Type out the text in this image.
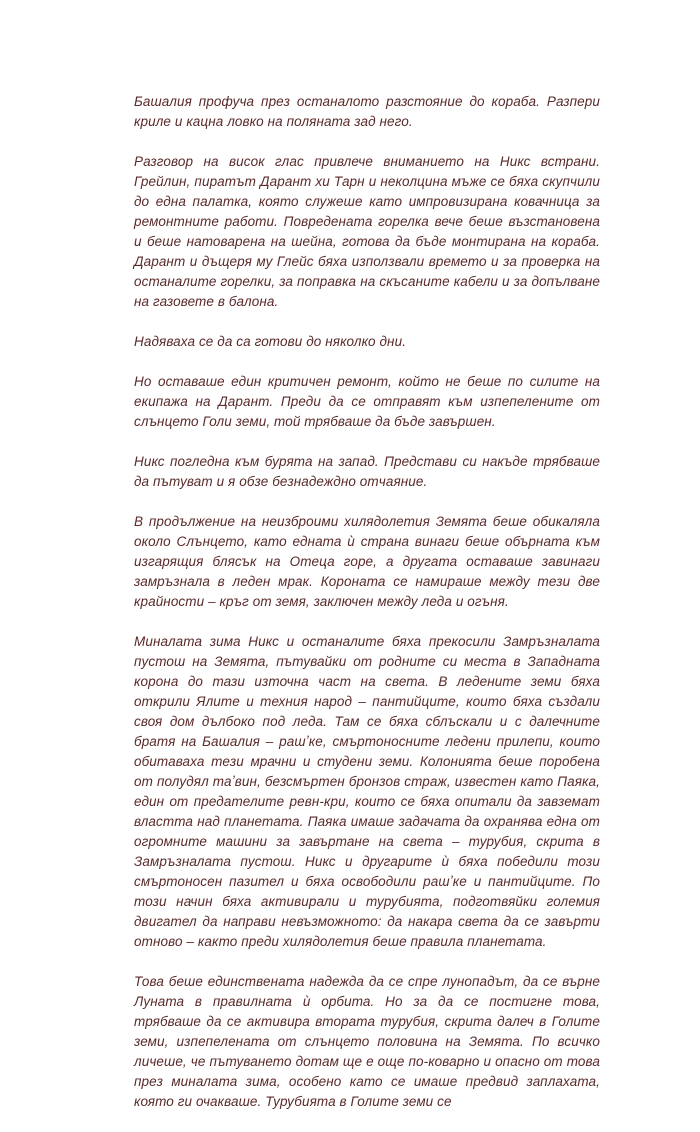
Башалия профуча през останалото разстояние до кораба. Разпери криле и кацна ловко на поляната зад него.

Разговор на висок глас привлече вниманието на Никс встрани. Грейлин, пиратът Дарант хи Тарн и неколцина мъже се бяха скупчили до една палатка, която служеше като импровизирана ковачница за ремонтните работи. Повредената горелка вече беше възстановена и беше натоварена на шейна, готова да бъде монтирана на кораба. Дарант и дъщеря му Глейс бяха използвали времето и за проверка на останалите горелки, за поправка на скъсаните кабели и за допълване на газовете в балона.

Надяваха се да са готови до няколко дни.

Но оставаше един критичен ремонт, който не беше по силите на екипажа на Дарант. Преди да се отправят към изпепелените от слънцето Голи земи, той трябваше да бъде завършен.

Никс погледна към бурята на запад. Представи си накъде трябваше да пътуват и я обзе безнадеждно отчаяние.

В продължение на неизброими хилядолетия Земята беше обикаляла около Слънцето, като едната ѝ страна винаги беше обърната към изгарящия блясък на Отеца горе, а другата оставаше завинаги замръзнала в леден мрак. Короната се намираше между тези две крайности – кръг от земя, заключен между леда и огъня.

Миналата зима Никс и останалите бяха прекосили Замръзналата пустош на Земята, пътувайки от родните си места в Западната корона до тази източна част на света. В ледените земи бяха открили Ялите и техния народ – пантийците, които бяха създали своя дом дълбоко под леда. Там се бяха сблъскали и с далечните братя на Башалия – рашʼке, смъртоносните ледени прилепи, които обитаваха тези мрачни и студени земи. Колонията беше поробена от полудял таʼвин, безсмъртен бронзов страж, известен като Паяка, един от предателите ревн-кри, които се бяха опитали да завземат властта над планетата. Паяка имаше задачата да охранява една от огромните машини за завъртане на света – турубия, скрита в Замръзналата пустош. Никс и другарите ѝ бяха победили този смъртоносен пазител и бяха освободили рашʼке и пантийците. По този начин бяха активирали и турубията, подготвяйки големия двигател да направи невъзможното: да накара света да се завърти отново – както преди хилядолетия беше правила планетата.

Това беше единствената надежда да се спре лунопадът, да се върне Луната в правилната ѝ орбита. Но за да се постигне това, трябваше да се активира втората турубия, скрита далеч в Голите земи, изпепелената от слънцето половина на Земята. По всичко личеше, че пътуването дотам ще е още по-коварно и опасно от това през миналата зима, особено като се имаше предвид заплахата, която ги очакваше. Турубията в Голите земи се
